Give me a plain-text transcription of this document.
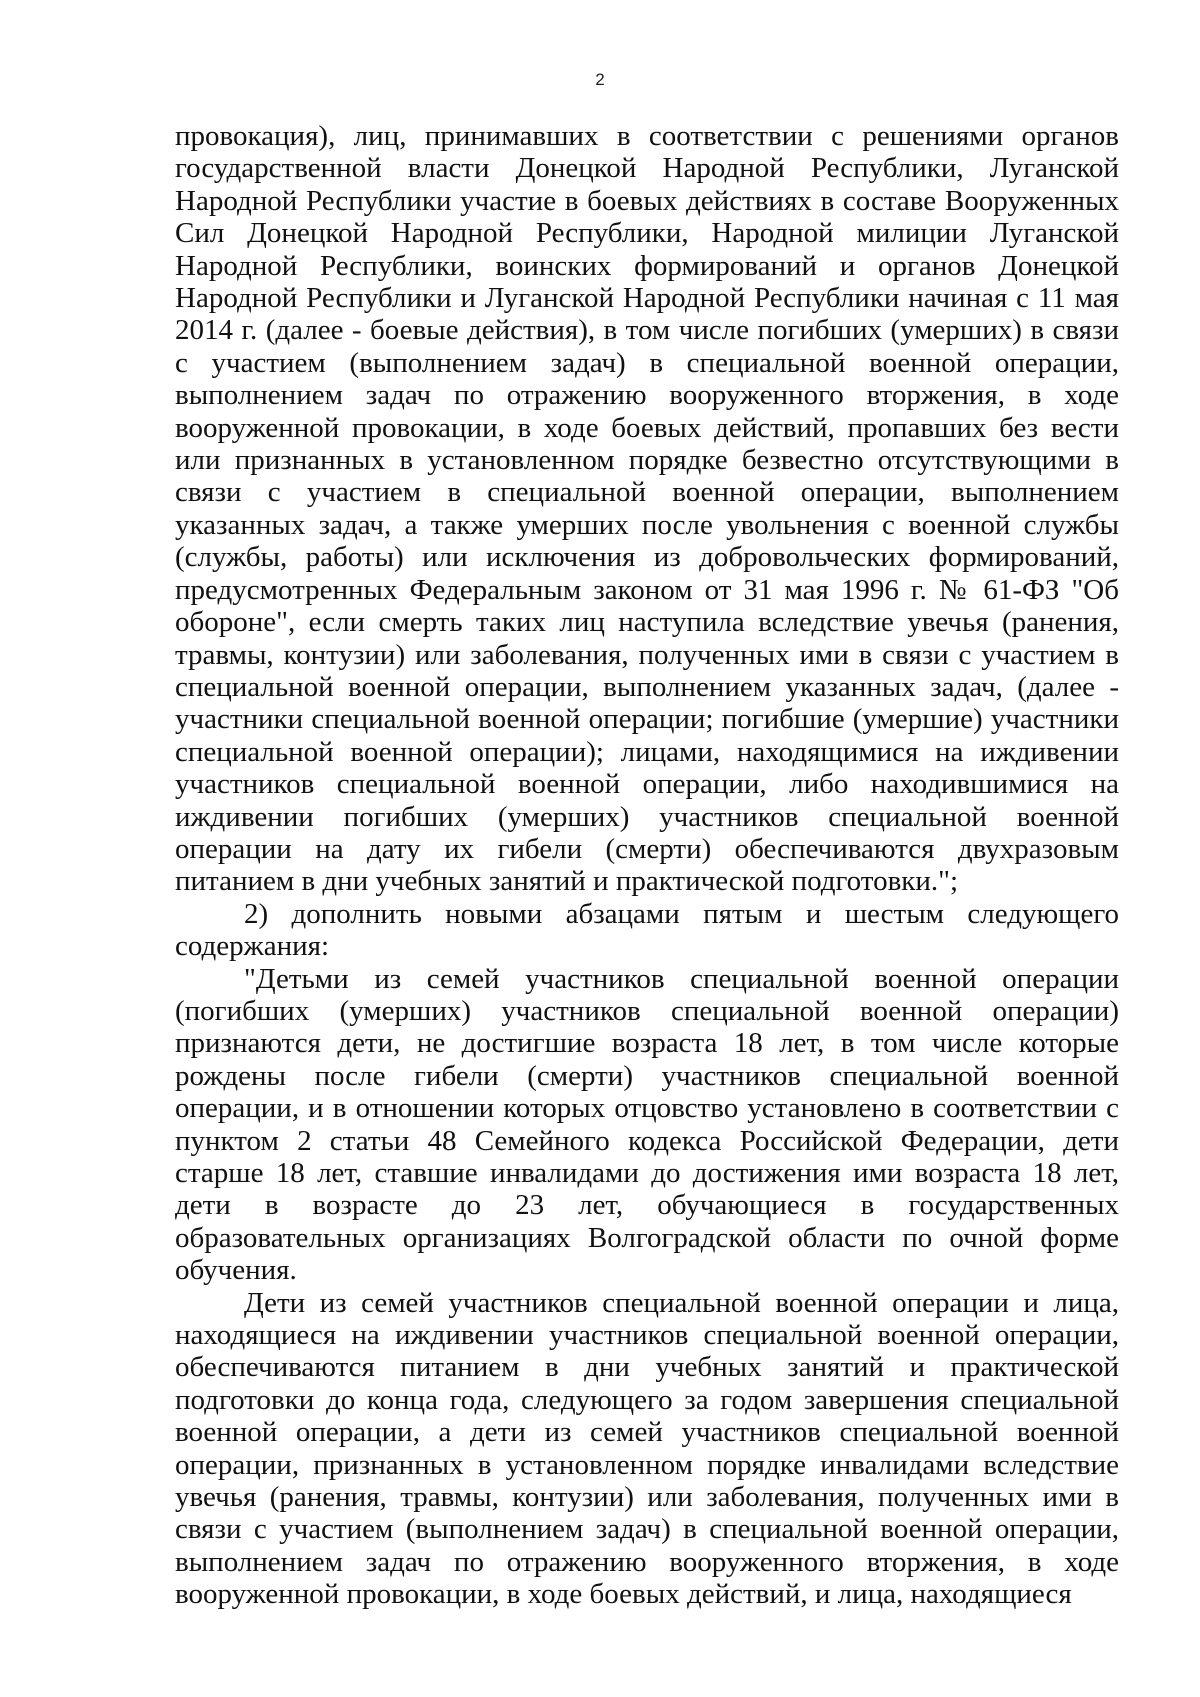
2

провокация), лиц, принимавших в соответствии с решениями органов государственной власти Донецкой Народной Республики, Луганской Народной Республики участие в боевых действиях в составе Вооруженных Сил Донецкой Народной Республики, Народной милиции Луганской Народной Республики, воинских формирований и органов Донецкой Народной Республики и Луганской Народной Республики начиная с 11 мая 2014 г. (далее - боевые действия), в том числе погибших (умерших) в связи с участием (выполнением задач) в специальной военной операции, выполнением задач по отражению вооруженного вторжения, в ходе вооруженной провокации, в ходе боевых действий, пропавших без вести или признанных в установленном порядке безвестно отсутствующими в связи с участием в специальной военной операции, выполнением указанных задач, а также умерших после увольнения с военной службы (службы, работы) или исключения из добровольческих формирований, предусмотренных Федеральным законом от 31 мая 1996 г. № 61-ФЗ "Об обороне", если смерть таких лиц наступила вследствие увечья (ранения, травмы, контузии) или заболевания, полученных ими в связи с участием в специальной военной операции, выполнением указанных задач, (далее - участники специальной военной операции; погибшие (умершие) участники специальной военной операции); лицами, находящимися на иждивении участников специальной военной операции, либо находившимися на иждивении погибших (умерших) участников специальной военной операции на дату их гибели (смерти) обеспечиваются двухразовым питанием в дни учебных занятий и практической подготовки.";

2) дополнить новыми абзацами пятым и шестым следующего содержания:

"Детьми из семей участников специальной военной операции (погибших (умерших) участников специальной военной операции) признаются дети, не достигшие возраста 18 лет, в том числе которые рождены после гибели (смерти) участников специальной военной операции, и в отношении которых отцовство установлено в соответствии с пунктом 2 статьи 48 Семейного кодекса Российской Федерации, дети старше 18 лет, ставшие инвалидами до достижения ими возраста 18 лет, дети в возрасте до 23 лет, обучающиеся в государственных образовательных организациях Волгоградской области по очной форме обучения.

Дети из семей участников специальной военной операции и лица, находящиеся на иждивении участников специальной военной операции, обеспечиваются питанием в дни учебных занятий и практической подготовки до конца года, следующего за годом завершения специальной военной операции, а дети из семей участников специальной военной операции, признанных в установленном порядке инвалидами вследствие увечья (ранения, травмы, контузии) или заболевания, полученных ими в связи с участием (выполнением задач) в специальной военной операции, выполнением задач по отражению вооруженного вторжения, в ходе вооруженной провокации, в ходе боевых действий, и лица, находящиеся
